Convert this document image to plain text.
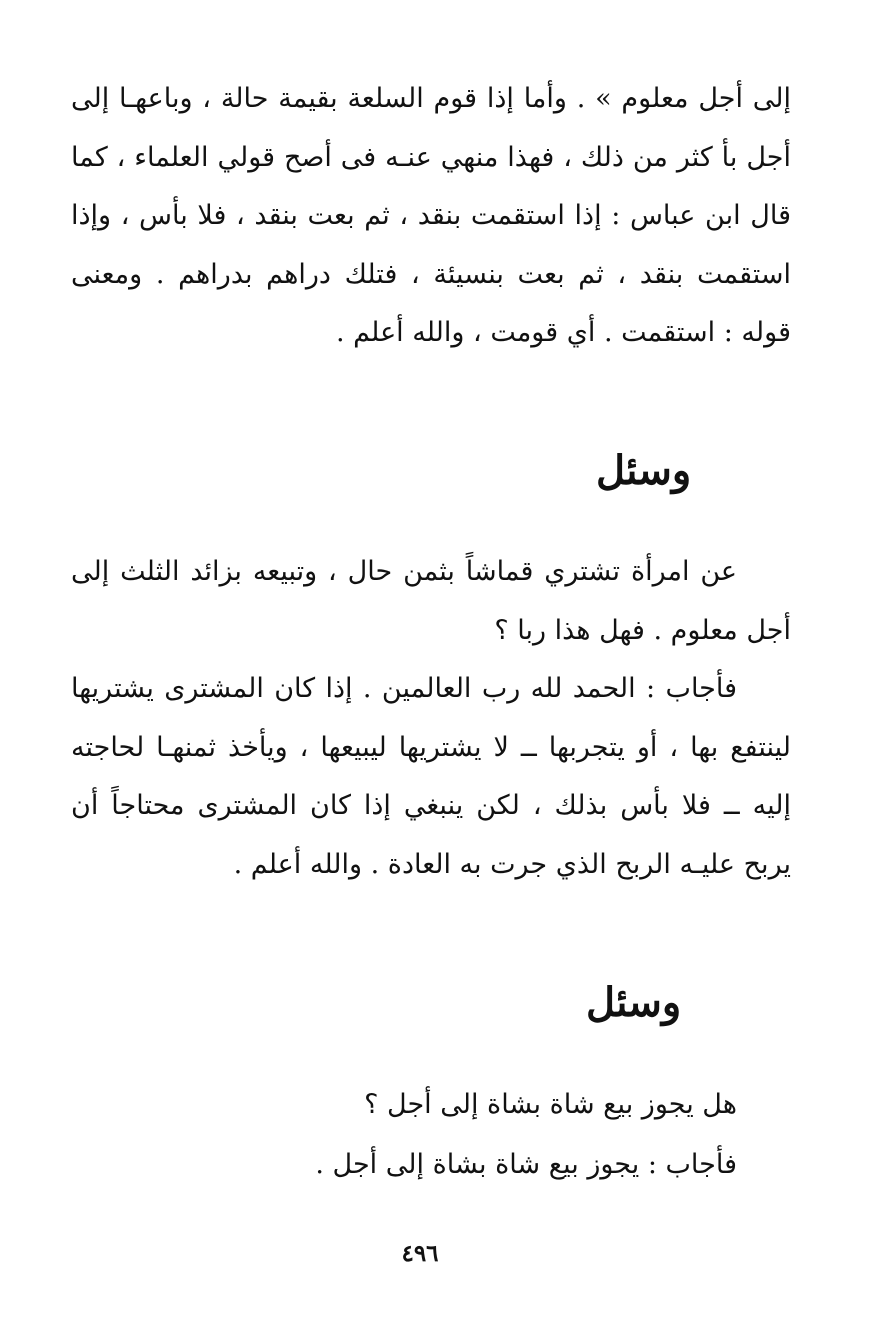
إلى أجل معلوم » . وأما إذا قوم السلعة بقيمة حالة ، وباعهـا إلى أجل بأ كثر من ذلك ، فهذا منهي عنـه فى أصح قولي العلماء ، كما قال ابن عباس : إذا استقمت بنقد ، ثم بعت بنقد ، فلا بأس ، وإذا استقمت بنقد ، ثم بعت بنسيئة ، فتلك دراهم بدراهم . ومعنى قوله : استقمت . أي قومت ، والله أعلم .

وسئل

عن امرأة تشتري قماشاً بثمن حال ، وتبيعه بزائد الثلث إلى أجل معلوم . فهل هذا ربا ؟

فأجاب : الحمد لله رب العالمين . إذا كان المشترى يشتريها لينتفع بها ، أو يتجربها ــ لا يشتريها ليبيعها ، ويأخذ ثمنهـا لحاجته إليه ــ فلا بأس بذلك ، لكن ينبغي إذا كان المشترى محتاجاً أن يربح عليـه الربح الذي جرت به العادة . والله أعلم .

وسئل

هل يجوز بيع شاة بشاة إلى أجل ؟

فأجاب : يجوز بيع شاة بشاة إلى أجل .

٤٩٦
